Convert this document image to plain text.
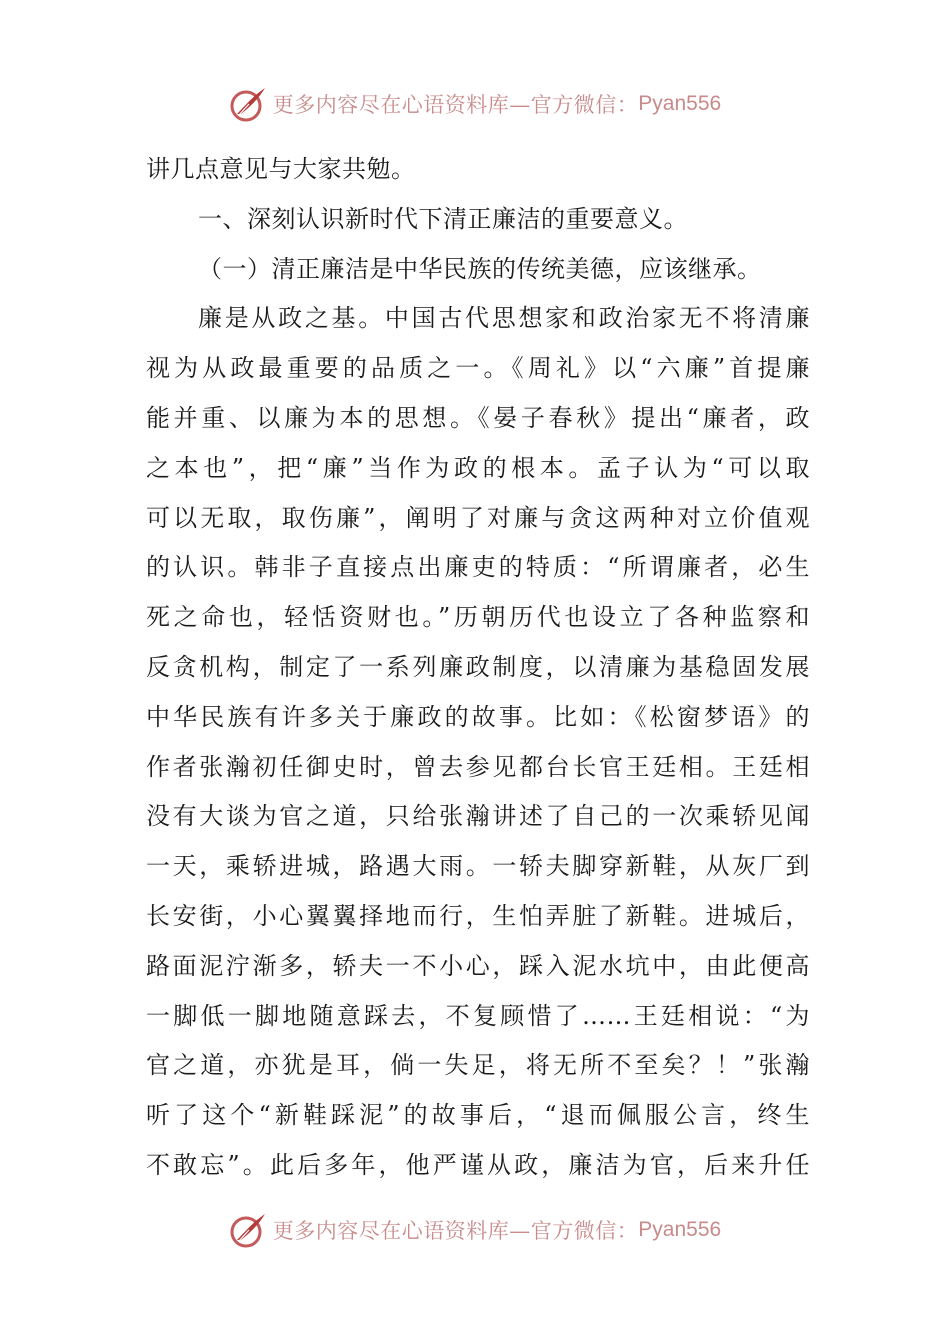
更多内容尽在心语资料库—官方微信： Pyan556
讲几点意见与大家共勉。
一、深刻认识新时代下清正廉洁的重要意义。
（一）清正廉洁是中华民族的传统美德，应该继承。
廉是从政之基。中国古代思想家和政治家无不将清廉
视为从政最重要的品质之一。《周礼》以“六廉”首提廉
能并重、以廉为本的思想。《晏子春秋》提出“廉者，政
之本也”，把“廉”当作为政的根本。孟子认为“可以取
可以无取，取伤廉”，阐明了对廉与贪这两种对立价值观
的认识。韩非子直接点出廉吏的特质：“所谓廉者，必生
死之命也，轻恬资财也。”历朝历代也设立了各种监察和
反贪机构，制定了一系列廉政制度，以清廉为基稳固发展
中华民族有许多关于廉政的故事。比如：《松窗梦语》的
作者张瀚初任御史时，曾去参见都台长官王廷相。王廷相
没有大谈为官之道，只给张瀚讲述了自己的一次乘轿见闻
一天，乘轿进城，路遇大雨。一轿夫脚穿新鞋，从灰厂到
长安街，小心翼翼择地而行，生怕弄脏了新鞋。进城后，
路面泥泞渐多，轿夫一不小心，踩入泥水坑中，由此便高
一脚低一脚地随意踩去，不复顾惜了……王廷相说：“为
官之道，亦犹是耳，倘一失足，将无所不至矣？！”张瀚
听了这个“新鞋踩泥”的故事后，“退而佩服公言，终生
不敢忘”。此后多年，他严谨从政，廉洁为官，后来升任
更多内容尽在心语资料库—官方微信： Pyan556
